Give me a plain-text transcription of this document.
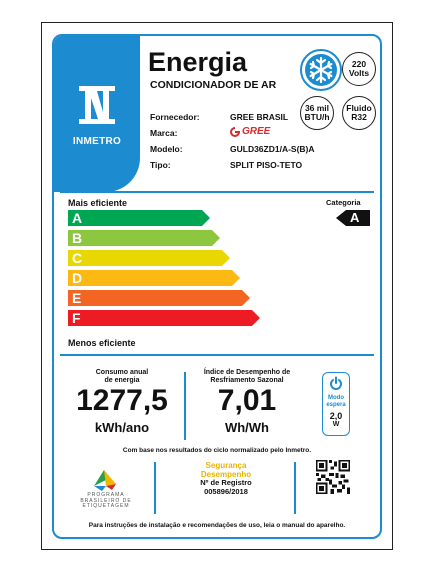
INMETRO
Energia
CONDICIONADOR DE AR
220
Volts
36 mil
BTU/h
Fluido
R32
Fornecedor:	GREE BRASIL
Marca:	GREE
Modelo:	GULD36ZD1/A-S(B)A
Tipo:	SPLIT PISO-TETO
Mais eficiente	Categoria
A
A
B
C
D
E
F
Menos eficiente
Consumo anual
de energia
1277,5
kWh/ano
Índice de Desempenho de
Resfriamento Sazonal
7,01
Wh/Wh
Modo
espera
2,0
W
Com base nos resultados do ciclo normalizado pelo Inmetro.
PROGRAMA
BRASILEIRO DE
ETIQUETAGEM
Segurança
Desempenho
Nº de Registro
005896/2018
Para instruções de instalação e recomendações de uso, leia o manual do aparelho.
